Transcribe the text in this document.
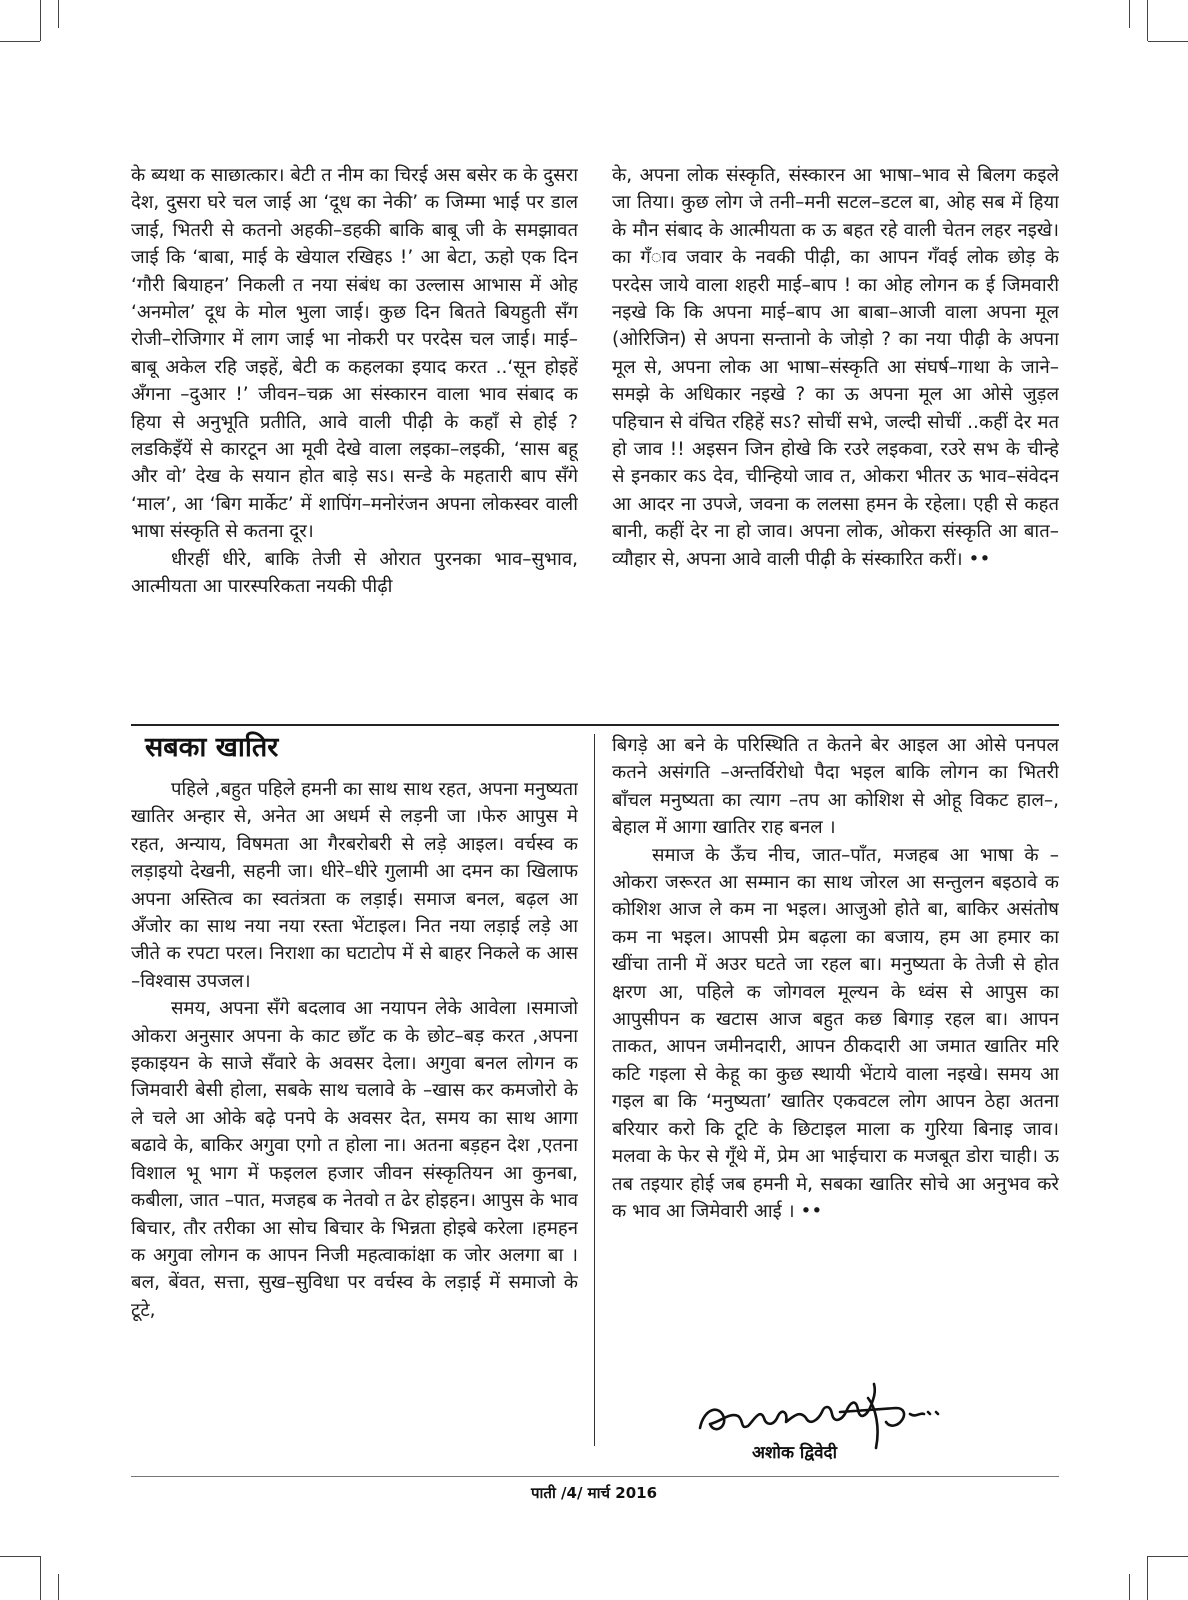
के ब्यथा क साछात्कार। बेटी त नीम का चिरई अस बसेर क के दुसरा देश, दुसरा घरे चल जाई आ ‘दूध का नेकी’ क जिम्मा भाई पर डाल जाई, भितरी से कतनो अहकी–डहकी बाकि बाबू जी के समझावत जाई कि ‘बाबा, माई के खेयाल रखिहऽ !’ आ बेटा, ऊहो एक दिन ‘गौरी बियाहन’ निकली त नया संबंध का उल्लास आभास में ओह ‘अनमोल’ दूध के मोल भुला जाई। कुछ दिन बितते बियहुती सँग रोजी–रोजिगार में लाग जाई भा नोकरी पर परदेस चल जाई। माई–बाबू अकेल रहि जइहें, बेटी क कहलका इयाद करत ..‘सून होइहें अँगना –दुआर !’ जीवन–चक्र आ संस्कारन वाला भाव संबाद क हिया से अनुभूति प्रतीति, आवे वाली पीढ़ी के कहाँ से होई ? लडकिइँयें से कारटून आ मूवी देखे वाला लइका–लइकी, ‘सास बहू और वो’ देख के सयान होत बाड़े सऽ। सन्डे के महतारी बाप सँगे ‘माल’, आ ‘बिग मार्केट’ में शापिंग–मनोरंजन अपना लोकस्वर वाली भाषा संस्कृति से कतना दूर।

धीरहीं धीरे, बाकि तेजी से ओरात पुरनका भाव–सुभाव, आत्मीयता आ पारस्परिकता नयकी पीढ़ी

के, अपना लोक संस्कृति, संस्कारन आ भाषा–भाव से बिलग कइले जा तिया। कुछ लोग जे तनी–मनी सटल–डटल बा, ओह सब में हिया के मौन संबाद के आत्मीयता क ऊ बहत रहे वाली चेतन लहर नइखे। का गँाव जवार के नवकी पीढ़ी, का आपन गँवई लोक छोड़ के परदेस जाये वाला शहरी माई–बाप ! का ओह लोगन क ई जिमवारी नइखे कि कि अपना माई–बाप आ बाबा–आजी वाला अपना मूल (ओरिजिन) से अपना सन्तानो के जोड़ो ? का नया पीढ़ी के अपना मूल से, अपना लोक आ भाषा–संस्कृति आ संघर्ष–गाथा के जाने–समझे के अधिकार नइखे ? का ऊ अपना मूल आ ओसे जुड़ल पहिचान से वंचित रहिहें सऽ? सोचीं सभे, जल्दी सोचीं ..कहीं देर मत हो जाव !! अइसन जिन होखे कि रउरे लइकवा, रउरे सभ के चीन्हे से इनकार कऽ देव, चीन्हियो जाव त, ओकरा भीतर ऊ भाव–संवेदन आ आदर ना उपजे, जवना क ललसा हमन के रहेला। एही से कहत बानी, कहीं देर ना हो जाव। अपना लोक, ओकरा संस्कृति आ बात–व्यौहार से, अपना आवे वाली पीढ़ी के संस्कारित करीं। ••

सबका खातिर

पहिले ,बहुत पहिले हमनी का साथ साथ रहत, अपना मनुष्यता खातिर अन्हार से, अनेत आ अधर्म से लड़नी जा ।फेरु आपुस मे रहत, अन्याय, विषमता आ गैरबरोबरी से लड़े आइल। वर्चस्व क लड़ाइयो देखनी, सहनी जा। धीरे–धीरे गुलामी आ दमन का खिलाफ अपना अस्तित्व का स्वतंत्रता क लड़ाई। समाज बनल, बढ़ल आ अँजोर का साथ नया नया रस्ता भेंटाइल। नित नया लड़ाई लड़े आ जीते क रपटा परल। निराशा का घटाटोप में से बाहर निकले क आस –विश्वास उपजल।

समय, अपना सँगे बदलाव आ नयापन लेके आवेला ।समाजो ओकरा अनुसार अपना के काट छाँट क के छोट–बड़ करत ,अपना इकाइयन के साजे सँवारे के अवसर देला। अगुवा बनल लोगन क जिमवारी बेसी होला, सबके साथ चलावे के –खास कर कमजोरो के ले चले आ ओके बढ़े पनपे के अवसर देत, समय का साथ आगा बढावे के, बाकिर अगुवा एगो त होला ना। अतना बड़हन देश ,एतना विशाल भू भाग में फइलल हजार जीवन संस्कृतियन आ कुनबा, कबीला, जात –पात, मजहब क नेतवो त ढेर होइहन। आपुस के भाव बिचार, तौर तरीका आ सोच बिचार के भिन्नता होइबे करेला ।हमहन क अगुवा लोगन क आपन निजी महत्वाकांक्षा क जोर अलगा बा ।बल, बेंवत, सत्ता, सुख–सुविधा पर वर्चस्व के लड़ाई में समाजो के टूटे,

बिगड़े आ बने के परिस्थिति त केतने बेर आइल आ ओसे पनपल कतने असंगति –अन्तर्विरोधो पैदा भइल बाकि लोगन का भितरी बाँचल मनुष्यता का त्याग –तप आ कोशिश से ओहू विकट हाल–, बेहाल में आगा खातिर राह बनल ।

समाज के ऊँच नीच, जात–पाँत, मजहब आ भाषा के – ओकरा जरूरत आ सम्मान का साथ जोरल आ सन्तुलन बइठावे क कोशिश आज ले कम ना भइल। आजुओ होते बा, बाकिर असंतोष कम ना भइल। आपसी प्रेम बढ़ला का बजाय, हम आ हमार का खींचा तानी में अउर घटते जा रहल बा। मनुष्यता के तेजी से होत क्षरण आ, पहिले क जोगवल मूल्यन के ध्वंस से आपुस का आपुसीपन क खटास आज बहुत कछ बिगाड़ रहल बा। आपन ताकत, आपन जमीनदारी, आपन ठीकदारी आ जमात खातिर मरि कटि गइला से केहू का कुछ स्थायी भेंटाये वाला नइखे। समय आ गइल बा कि ‘मनुष्यता’ खातिर एकवटल लोग आपन ठेहा अतना बरियार करो कि टूटि के छिटाइल माला क गुरिया बिनाइ जाव। मलवा के फेर से गूँथे में, प्रेम आ भाईचारा क मजबूत डोरा चाही। ऊ तब तइयार होई जब हमनी मे, सबका खातिर सोचे आ अनुभव करे क भाव आ जिमेवारी आई । ••

अशोक द्विवेदी
पाती /4/ मार्च 2016
